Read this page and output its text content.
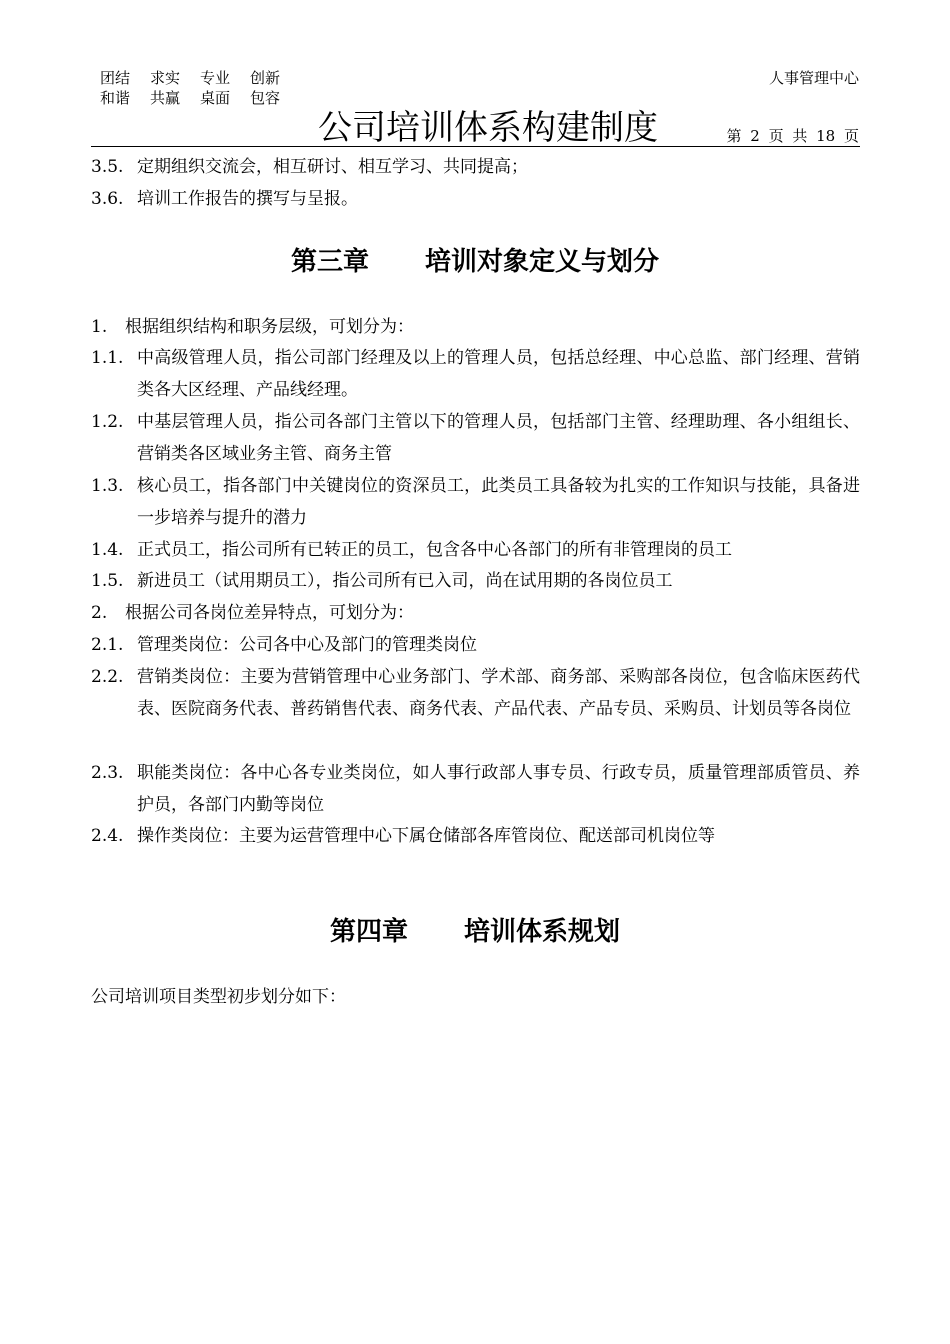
团结	求实	专业	创新
和谐	共赢	桌面	包容
人事管理中心
公司培训体系构建制度	第 2 页 共 18 页
3.5. 定期组织交流会，相互研讨、相互学习、共同提高；
3.6. 培训工作报告的撰写与呈报。
第三章 培训对象定义与划分
1.	根据组织结构和职务层级，可划分为：
1.1. 中高级管理人员，指公司部门经理及以上的管理人员，包括总经理、中心总监、部门经理、营销类各大区经理、产品线经理。
1.2. 中基层管理人员，指公司各部门主管以下的管理人员，包括部门主管、经理助理、各小组组长、营销类各区域业务主管、商务主管
1.3. 核心员工，指各部门中关键岗位的资深员工，此类员工具备较为扎实的工作知识与技能，具备进一步培养与提升的潜力
1.4. 正式员工，指公司所有已转正的员工，包含各中心各部门的所有非管理岗的员工
1.5. 新进员工（试用期员工），指公司所有已入司，尚在试用期的各岗位员工
2.	根据公司各岗位差异特点，可划分为：
2.1. 管理类岗位：公司各中心及部门的管理类岗位
2.2. 营销类岗位：主要为营销管理中心业务部门、学术部、商务部、采购部各岗位，包含临床医药代表、医院商务代表、普药销售代表、商务代表、产品代表、产品专员、采购员、计划员等各岗位
2.3. 职能类岗位：各中心各专业类岗位，如人事行政部人事专员、行政专员，质量管理部质管员、养护员，各部门内勤等岗位
2.4. 操作类岗位：主要为运营管理中心下属仓储部各库管岗位、配送部司机岗位等
第四章 培训体系规划
公司培训项目类型初步划分如下：
